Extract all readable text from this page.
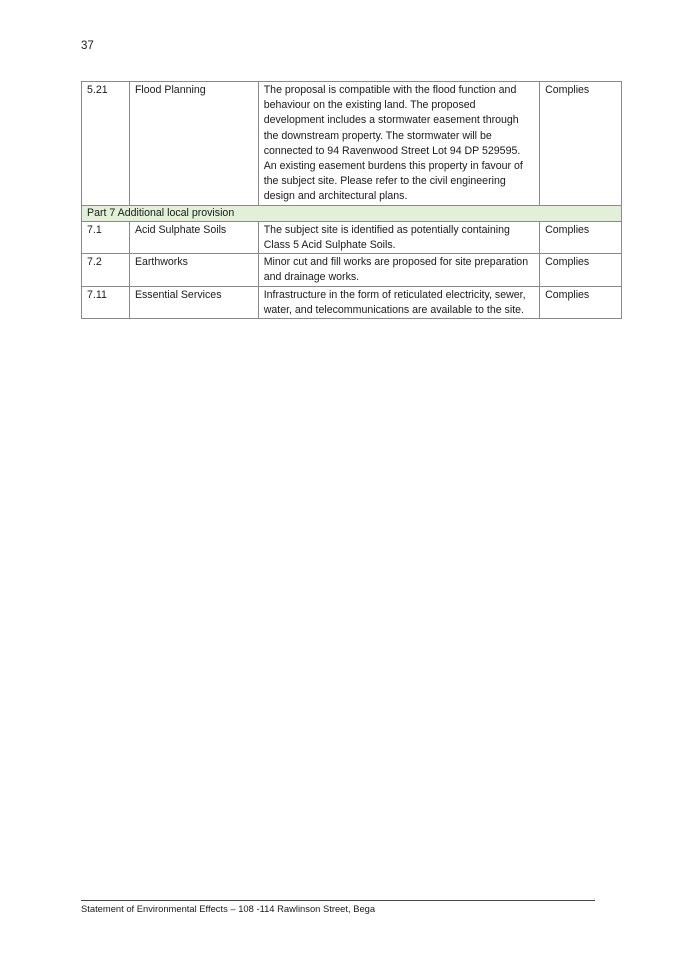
37
5.21	Flood Planning	The proposal is compatible with the flood function and behaviour on the existing land. The proposed development includes a stormwater easement through the downstream property. The stormwater will be connected to 94 Ravenwood Street Lot 94 DP 529595. An existing easement burdens this property in favour of the subject site. Please refer to the civil engineering design and architectural plans.	Complies
Part 7 Additional local provision			
7.1	Acid Sulphate Soils	The subject site is identified as potentially containing Class 5 Acid Sulphate Soils.	Complies
7.2	Earthworks	Minor cut and fill works are proposed for site preparation and drainage works.	Complies
7.11	Essential Services	Infrastructure in the form of reticulated electricity, sewer, water, and telecommunications are available to the site.	Complies
Statement of Environmental Effects – 108 -114 Rawlinson Street, Bega
